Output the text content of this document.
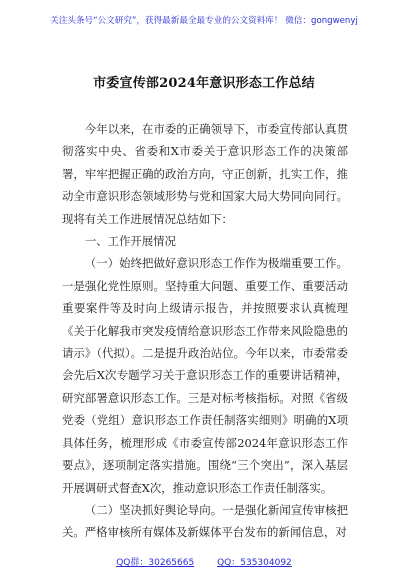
关注头条号“公文研究”，获得最新最全最专业的公文资料库！ 微信：gongwenyj
市委宣传部2024年意识形态工作总结

今年以来，在市委的正确领导下，市委宣传部认真贯彻落实中央、省委和X市委关于意识形态工作的决策部署，牢牢把握正确的政治方向，守正创新，扎实工作，推动全市意识形态领域形势与党和国家大局大势同向同行。现将有关工作进展情况总结如下：

一、工作开展情况

（一）始终把做好意识形态工作作为极端重要工作。一是强化党性原则。坚持重大问题、重要工作、重要活动重要案件等及时向上级请示报告，并按照要求认真梳理《关于化解我市突发疫情给意识形态工作带来风险隐患的请示》（代拟）。二是提升政治站位。今年以来，市委常委会先后X次专题学习关于意识形态工作的重要讲话精神，研究部署意识形态工作。三是对标考核指标。对照《省级党委（党组）意识形态工作责任制落实细则》明确的X项具体任务，梳理形成《市委宣传部2024年意识形态工作要点》，逐项制定落实措施。围绕“三个突出”，深入基层开展调研式督查X次，推动意识形态工作责任制落实。

（二）坚决抓好舆论导向。一是强化新闻宣传审核把关。严格审核所有媒体及新媒体平台发布的新闻信息，对

QQ群：30265665	QQ：535304092
